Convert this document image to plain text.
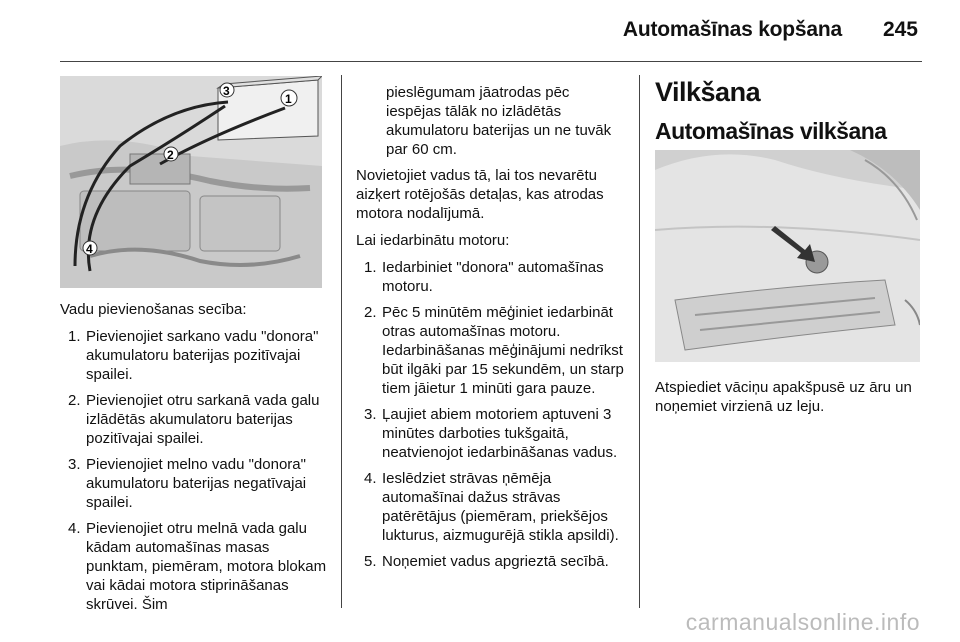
Automašīnas kopšana 245
3
1
2
4

Vadu pievienošanas secība:

1. Pievienojiet sarkano vadu "donora" akumulatoru baterijas pozitīvajai spailei.
2. Pievienojiet otru sarkanā vada galu izlādētās akumulatoru baterijas pozitīvajai spailei.
3. Pievienojiet melno vadu "donora" akumulatoru baterijas negatīvajai spailei.
4. Pievienojiet otru melnā vada galu kādam automašīnas masas punktam, piemēram, motora blokam vai kādai motora stiprināšanas skrūvei. Šim

pieslēgumam jāatrodas pēc iespējas tālāk no izlādētās akumulatoru baterijas un ne tuvāk par 60 cm.

Novietojiet vadus tā, lai tos nevarētu aizķert rotējošās detaļas, kas atrodas motora nodalījumā.

Lai iedarbinātu motoru:

1. Iedarbiniet "donora" automašīnas motoru.
2. Pēc 5 minūtēm mēģiniet iedarbināt otras automašīnas motoru. Iedarbināšanas mēģinājumi nedrīkst būt ilgāki par 15 sekundēm, un starp tiem jāietur 1 minūti gara pauze.
3. Ļaujiet abiem motoriem aptuveni 3 minūtes darboties tukšgaitā, neatvienojot iedarbināšanas vadus.
4. Ieslēdziet strāvas ņēmēja automašīnai dažus strāvas patērētājus (piemēram, priekšējos lukturus, aizmugurējā stikla apsildi).
5. Noņemiet vadus apgrieztā secībā.
Vilkšana
Automašīnas vilkšana

Atspiediet vāciņu apakšpusē uz āru un noņemiet virzienā uz leju.

carmanualsonline.info
